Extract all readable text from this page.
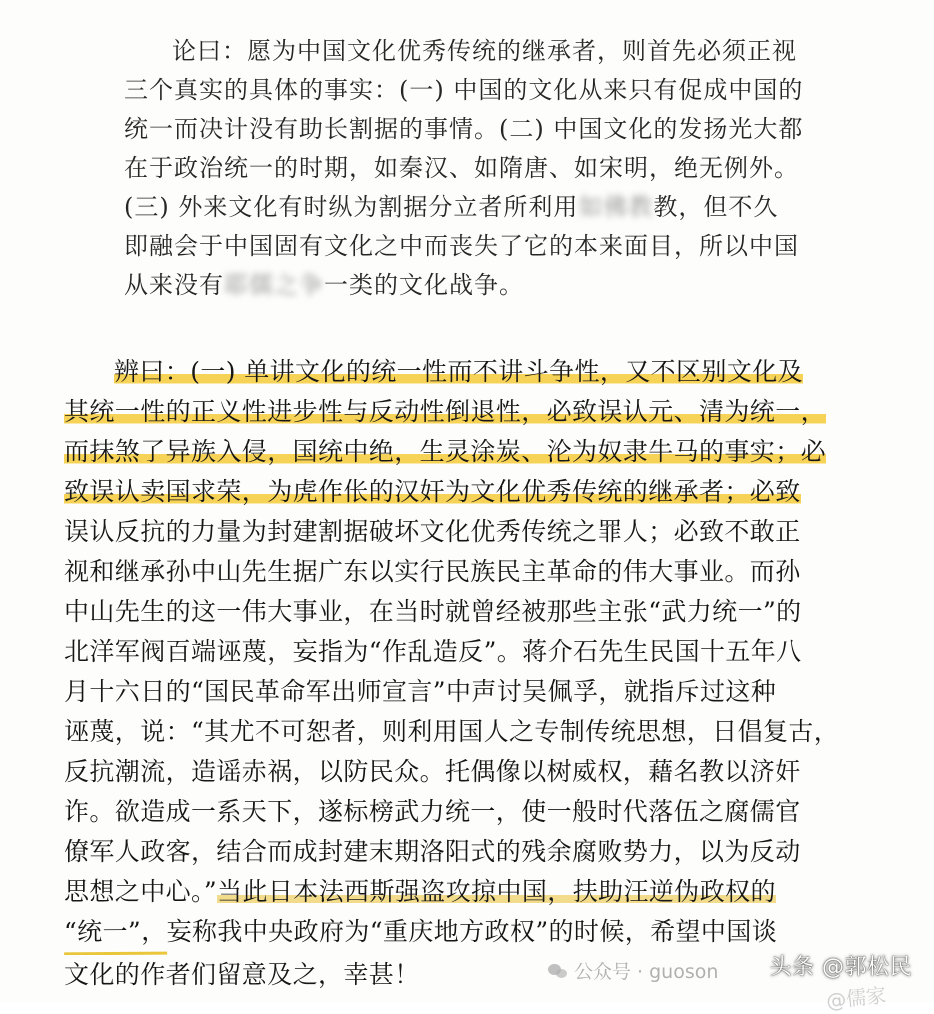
论曰：愿为中国文化优秀传统的继承者，则首先必须正视
三个真实的具体的事实：(一) 中国的文化从来只有促成中国的
统一而决计没有助长割据的事情。(二) 中国文化的发扬光大都
在于政治统一的时期，如秦汉、如隋唐、如宋明，绝无例外。
(三) 外来文化有时纵为割据分立者所利用如佛教教，但不久
即融会于中国固有文化之中而丧失了它的本来面目，所以中国
从来没有耶儒之争一类的文化战争。
辨曰：(一) 单讲文化的统一性而不讲斗争性，又不区别文化及
其统一性的正义性进步性与反动性倒退性，必致误认元、清为统一，
而抹煞了异族入侵，国统中绝，生灵涂炭、沦为奴隶牛马的事实；必
致误认卖国求荣，为虎作伥的汉奸为文化优秀传统的继承者；必致
误认反抗的力量为封建割据破坏文化优秀传统之罪人；必致不敢正
视和继承孙中山先生据广东以实行民族民主革命的伟大事业。而孙
中山先生的这一伟大事业，在当时就曾经被那些主张“武力统一”的
北洋军阀百端诬蔑，妄指为“作乱造反”。蒋介石先生民国十五年八
月十六日的“国民革命军出师宣言”中声讨吴佩孚，就指斥过这种
诬蔑，说：“其尤不可恕者，则利用国人之专制传统思想，日倡复古，
反抗潮流，造谣赤祸，以防民众。托偶像以树威权，藉名教以济奸
诈。欲造成一系天下，遂标榜武力统一，使一般时代落伍之腐儒官
僚军人政客，结合而成封建末期洛阳式的残余腐败势力，以为反动
思想之中心。”当此日本法西斯强盗攻掠中国，扶助汪逆伪政权的
“统一”，妄称我中央政府为“重庆地方政权”的时候，希望中国谈
文化的作者们留意及之，幸甚！	公众号 · guoson 头条 @郭松民
@儒家
